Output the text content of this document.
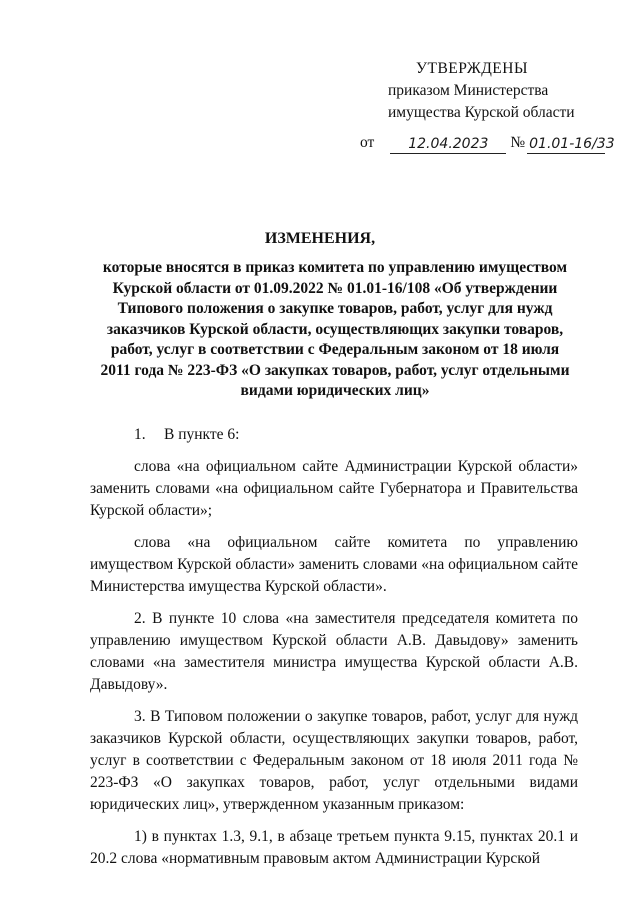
УТВЕРЖДЕНЫ
приказом Министерства
имущества Курской области
от	12.04.2023	№ 01.01-16/33
ИЗМЕНЕНИЯ,
которые вносятся в приказ комитета по управлению имуществом Курской области от 01.09.2022 № 01.01-16/108 «Об утверждении Типового положения о закупке товаров, работ, услуг для нужд заказчиков Курской области, осуществляющих закупки товаров, работ, услуг в соответствии с Федеральным законом от 18 июля 2011 года № 223-ФЗ «О закупках товаров, работ, услуг отдельными видами юридических лиц»

1. В пункте 6:

слова «на официальном сайте Администрации Курской области» заменить словами «на официальном сайте Губернатора и Правительства Курской области»;

слова «на официальном сайте комитета по управлению имуществом Курской области» заменить словами «на официальном сайте Министерства имущества Курской области».

2. В пункте 10 слова «на заместителя председателя комитета по управлению имуществом Курской области А.В. Давыдову» заменить словами «на заместителя министра имущества Курской области А.В. Давыдову».

3. В Типовом положении о закупке товаров, работ, услуг для нужд заказчиков Курской области, осуществляющих закупки товаров, работ, услуг в соответствии с Федеральным законом от 18 июля 2011 года № 223-ФЗ «О закупках товаров, работ, услуг отдельными видами юридических лиц», утвержденном указанным приказом:

1) в пунктах 1.3, 9.1, в абзаце третьем пункта 9.15, пунктах 20.1 и 20.2 слова «нормативным правовым актом Администрации Курской
